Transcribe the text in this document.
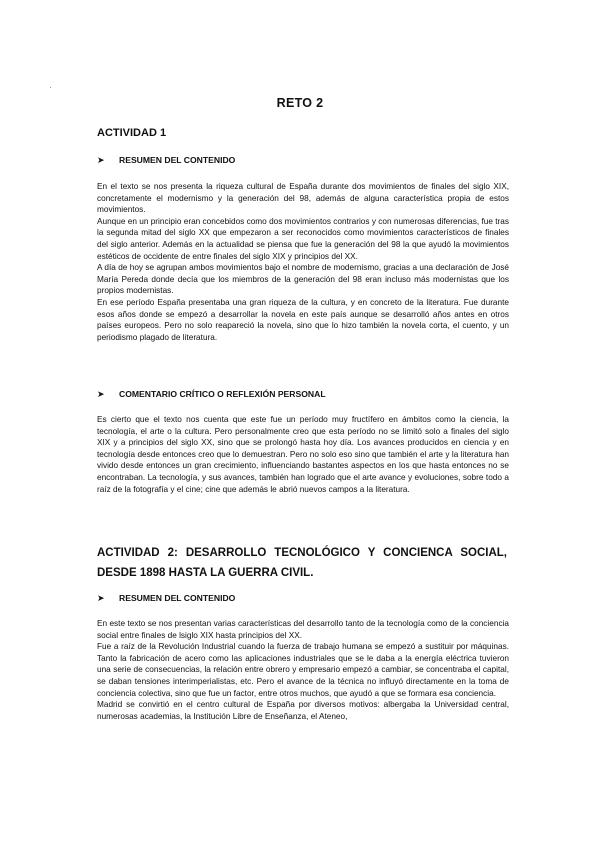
RETO 2
ACTIVIDAD 1
➤ RESUMEN DEL CONTENIDO

En el texto se nos presenta la riqueza cultural de España durante dos movimientos de finales del siglo XIX, concretamente el modernismo y la generación del 98, además de alguna característica propia de estos movimientos.

Aunque en un principio eran concebidos como dos movimientos contrarios y con numerosas diferencias, fue tras la segunda mitad del siglo XX que empezaron a ser reconocidos como movimientos característicos de finales del siglo anterior. Además en la actualidad se piensa que fue la generación del 98 la que ayudó la movimientos estéticos de occidente de entre finales del siglo XIX y principios del XX.

A día de hoy se agrupan ambos movimientos bajo el nombre de modernismo, gracias a una declaración de José María Pereda donde decía que los miembros de la generación del 98 eran incluso más modernistas que los propios modernistas.

En ese período España presentaba una gran riqueza de la cultura, y en concreto de la literatura. Fue durante esos años donde se empezó a desarrollar la novela en este país aunque se desarrolló años antes en otros países europeos. Pero no solo reapareció la novela, sino que lo hizo también la novela corta, el cuento, y un periodismo plagado de literatura.

➤ COMENTARIO CRÍTICO O REFLEXIÓN PERSONAL

Es cierto que el texto nos cuenta que este fue un período muy fructífero en ámbitos como la ciencia, la tecnología, el arte o la cultura. Pero personalmente creo que esta período no se limitó solo a finales del siglo XIX y a principios del siglo XX, sino que se prolongó hasta hoy día. Los avances producidos en ciencia y en tecnología desde entonces creo que lo demuestran. Pero no solo eso sino que también el arte y la literatura han vivido desde entonces un gran crecimiento, influenciando bastantes aspectos en los que hasta entonces no se encontraban. La tecnología, y sus avances, también han logrado que el arte avance y evoluciones, sobre todo a raíz de la fotografía y el cine; cine que además le abrió nuevos campos a la literatura.

ACTIVIDAD 2: DESARROLLO TECNOLÓGICO Y CONCIENCA SOCIAL, DESDE 1898 HASTA LA GUERRA CIVIL.
➤ RESUMEN DEL CONTENIDO

En este texto se nos presentan varias características del desarrollo tanto de la tecnología como de la conciencia social entre finales de lsiglo XIX hasta principios del XX.

Fue a raíz de la Revolución Industrial cuando la fuerza de trabajo humana se empezó a sustituir por máquinas. Tanto la fabricación de acero como las aplicaciones industriales que se le daba a la energía eléctrica tuvieron una serie de consecuencias, la relación entre obrero y empresario empezó a cambiar, se concentraba el capital, se daban tensiones interimperialistas, etc. Pero el avance de la técnica no influyó directamente en la toma de conciencia colectiva, sino que fue un factor, entre otros muchos, que ayudó a que se formara esa conciencia.

Madrid se convirtió en el centro cultural de España por diversos motivos: albergaba la Universidad central, numerosas academias, la Institución Libre de Enseñanza, el Ateneo,
